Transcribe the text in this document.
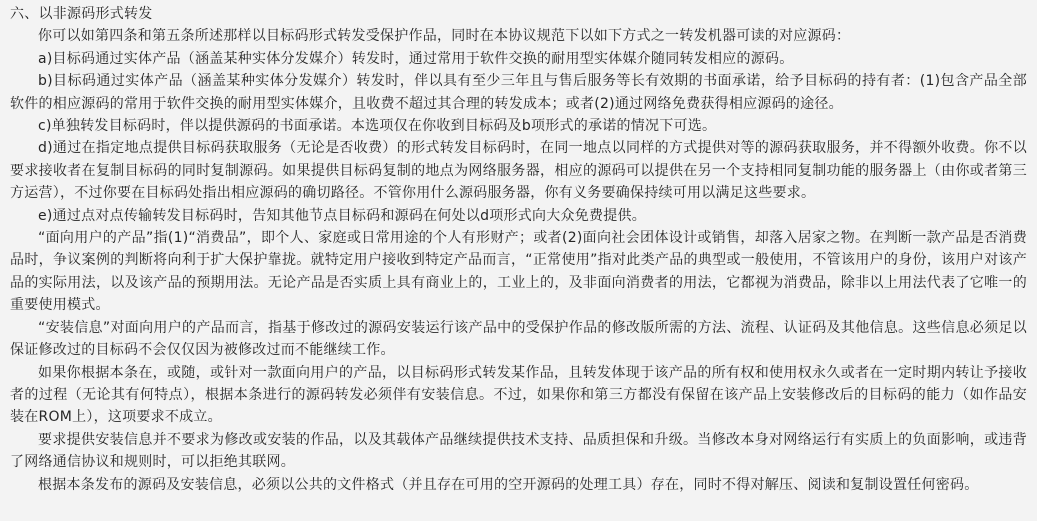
六、以非源码形式转发

你可以如第四条和第五条所述那样以目标码形式转发受保护作品，同时在本协议规范下以如下方式之一转发机器可读的对应源码：

a)目标码通过实体产品（涵盖某种实体分发媒介）转发时，通过常用于软件交换的耐用型实体媒介随同转发相应的源码。

b)目标码通过实体产品（涵盖某种实体分发媒介）转发时，伴以具有至少三年且与售后服务等长有效期的书面承诺，给予目标码的持有者：(1)包含产品全部软件的相应源码的常用于软件交换的耐用型实体媒介，且收费不超过其合理的转发成本；或者(2)通过网络免费获得相应源码的途径。

c)单独转发目标码时，伴以提供源码的书面承诺。本选项仅在你收到目标码及b项形式的承诺的情况下可选。

d)通过在指定地点提供目标码获取服务（无论是否收费）的形式转发目标码时，在同一地点以同样的方式提供对等的源码获取服务，并不得额外收费。你不以要求接收者在复制目标码的同时复制源码。如果提供目标码复制的地点为网络服务器，相应的源码可以提供在另一个支持相同复制功能的服务器上（由你或者第三方运营），不过你要在目标码处指出相应源码的确切路径。不管你用什么源码服务器，你有义务要确保持续可用以满足这些要求。

e)通过点对点传输转发目标码时，告知其他节点目标码和源码在何处以d项形式向大众免费提供。

“面向用户的产品”指(1)“消费品”，即个人、家庭或日常用途的个人有形财产；或者(2)面向社会团体设计或销售，却落入居家之物。在判断一款产品是否消费品时，争议案例的判断将向利于扩大保护靠拢。就特定用户接收到特定产品而言，“正常使用”指对此类产品的典型或一般使用，不管该用户的身份，该用户对该产品的实际用法，以及该产品的预期用法。无论产品是否实质上具有商业上的，工业上的，及非面向消费者的用法，它都视为消费品，除非以上用法代表了它唯一的重要使用模式。

“安装信息”对面向用户的产品而言，指基于修改过的源码安装运行该产品中的受保护作品的修改版所需的方法、流程、认证码及其他信息。这些信息必须足以保证修改过的目标码不会仅仅因为被修改过而不能继续工作。

如果你根据本条在，或随，或针对一款面向用户的产品，以目标码形式转发某作品，且转发体现于该产品的所有权和使用权永久或者在一定时期内转让予接收者的过程（无论其有何特点），根据本条进行的源码转发必须伴有安装信息。不过，如果你和第三方都没有保留在该产品上安装修改后的目标码的能力（如作品安装在ROM上），这项要求不成立。

要求提供安装信息并不要求为修改或安装的作品，以及其载体产品继续提供技术支持、品质担保和升级。当修改本身对网络运行有实质上的负面影响，或违背了网络通信协议和规则时，可以拒绝其联网。

根据本条发布的源码及安装信息，必须以公共的文件格式（并且存在可用的空开源码的处理工具）存在，同时不得对解压、阅读和复制设置任何密码。
